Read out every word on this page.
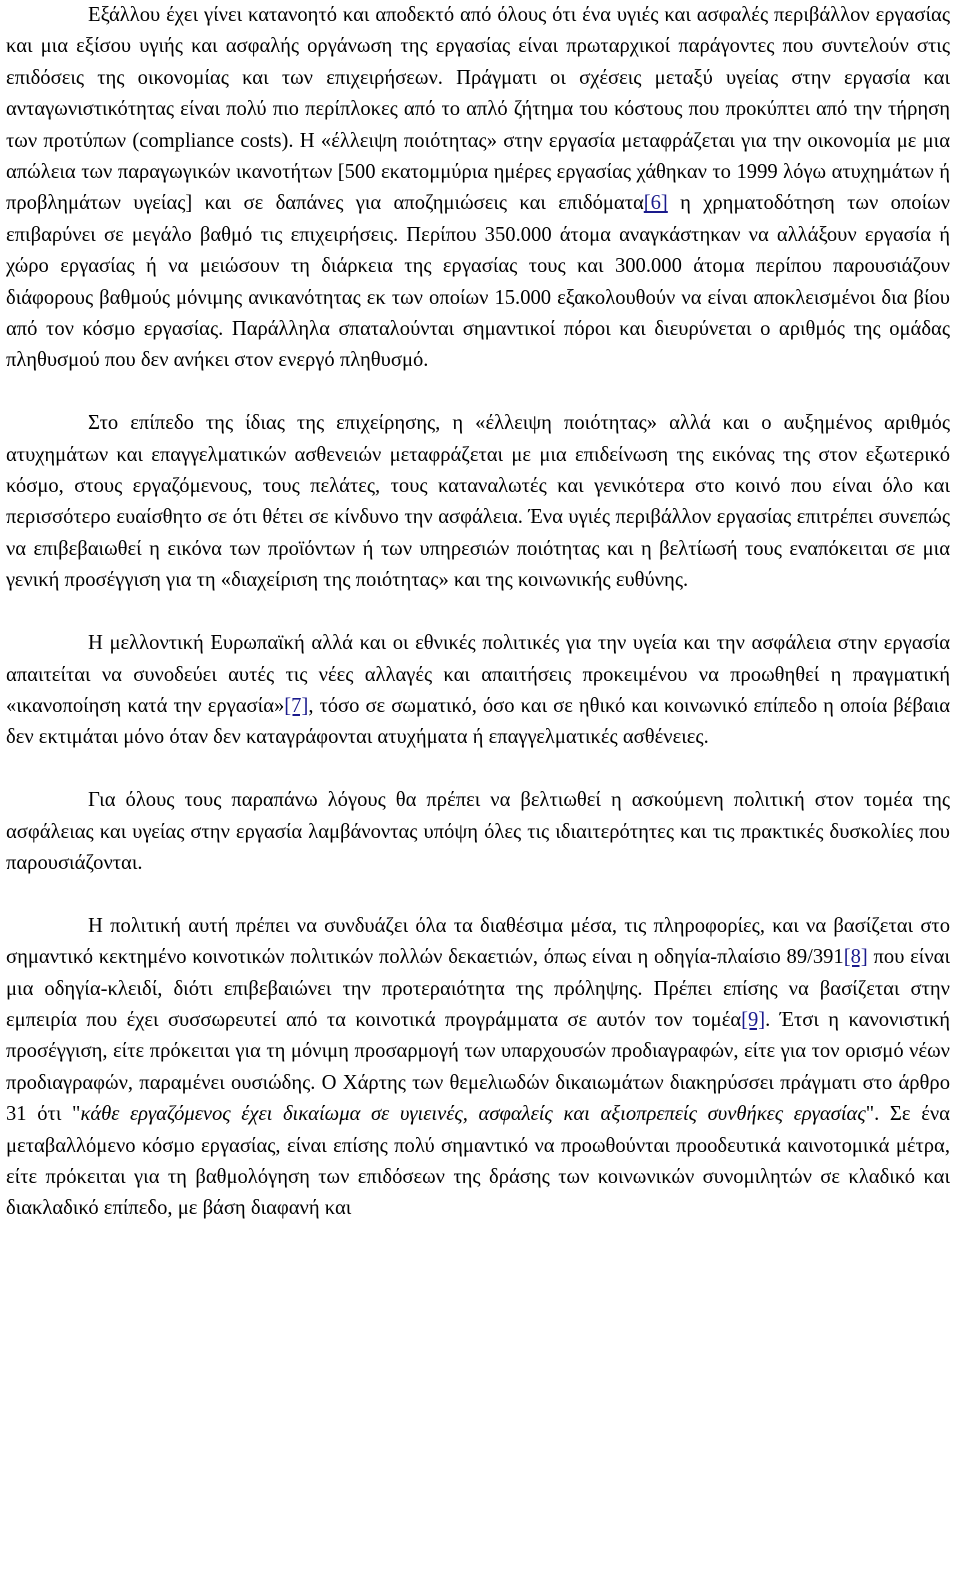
Εξάλλου έχει γίνει κατανοητό και αποδεκτό από όλους ότι ένα υγιές και ασφαλές περιβάλλον εργασίας και μια εξίσου υγιής και ασφαλής οργάνωση της εργασίας είναι πρωταρχικοί παράγοντες που συντελούν στις επιδόσεις της οικονομίας και των επιχειρήσεων. Πράγματι οι σχέσεις μεταξύ υγείας στην εργασία και ανταγωνιστικότητας είναι πολύ πιο περίπλοκες από το απλό ζήτημα του κόστους που προκύπτει από την τήρηση των προτύπων (compliance costs). Η «έλλειψη ποιότητας» στην εργασία μεταφράζεται για την οικονομία με μια απώλεια των παραγωγικών ικανοτήτων [500 εκατομμύρια ημέρες εργασίας χάθηκαν το 1999 λόγω ατυχημάτων ή προβλημάτων υγείας] και σε δαπάνες για αποζημιώσεις και επιδόματα[6] η χρηματοδότηση των οποίων επιβαρύνει σε μεγάλο βαθμό τις επιχειρήσεις. Περίπου 350.000 άτομα αναγκάστηκαν να αλλάξουν εργασία ή χώρο εργασίας ή να μειώσουν τη διάρκεια της εργασίας τους και 300.000 άτομα περίπου παρουσιάζουν διάφορους βαθμούς μόνιμης ανικανότητας εκ των οποίων 15.000 εξακολουθούν να είναι αποκλεισμένοι δια βίου από τον κόσμο εργασίας. Παράλληλα σπαταλούνται σημαντικοί πόροι και διευρύνεται ο αριθμός της ομάδας πληθυσμού που δεν ανήκει στον ενεργό πληθυσμό.

Στο επίπεδο της ίδιας της επιχείρησης, η «έλλειψη ποιότητας» αλλά και ο αυξημένος αριθμός ατυχημάτων και επαγγελματικών ασθενειών μεταφράζεται με μια επιδείνωση της εικόνας της στον εξωτερικό κόσμο, στους εργαζόμενους, τους πελάτες, τους καταναλωτές και γενικότερα στο κοινό που είναι όλο και περισσότερο ευαίσθητο σε ότι θέτει σε κίνδυνο την ασφάλεια. Ένα υγιές περιβάλλον εργασίας επιτρέπει συνεπώς να επιβεβαιωθεί η εικόνα των προϊόντων ή των υπηρεσιών ποιότητας και η βελτίωσή τους εναπόκειται σε μια γενική προσέγγιση για τη «διαχείριση της ποιότητας» και της κοινωνικής ευθύνης.

Η μελλοντική Ευρωπαϊκή αλλά και οι εθνικές πολιτικές για την υγεία και την ασφάλεια στην εργασία απαιτείται να συνοδεύει αυτές τις νέες αλλαγές και απαιτήσεις προκειμένου να προωθηθεί η πραγματική «ικανοποίηση κατά την εργασία»[7], τόσο σε σωματικό, όσο και σε ηθικό και κοινωνικό επίπεδο η οποία βέβαια δεν εκτιμάται μόνο όταν δεν καταγράφονται ατυχήματα ή επαγγελματικές ασθένειες.

Για όλους τους παραπάνω λόγους θα πρέπει να βελτιωθεί η ασκούμενη πολιτική στον τομέα της ασφάλειας και υγείας στην εργασία λαμβάνοντας υπόψη όλες τις ιδιαιτερότητες και τις πρακτικές δυσκολίες που παρουσιάζονται.

Η πολιτική αυτή πρέπει να συνδυάζει όλα τα διαθέσιμα μέσα, τις πληροφορίες, και να βασίζεται στο σημαντικό κεκτημένο κοινοτικών πολιτικών πολλών δεκαετιών, όπως είναι η οδηγία-πλαίσιο 89/391[8] που είναι μια οδηγία-κλειδί, διότι επιβεβαιώνει την προτεραιότητα της πρόληψης. Πρέπει επίσης να βασίζεται στην εμπειρία που έχει συσσωρευτεί από τα κοινοτικά προγράμματα σε αυτόν τον τομέα[9]. Έτσι η κανονιστική προσέγγιση, είτε πρόκειται για τη μόνιμη προσαρμογή των υπαρχουσών προδιαγραφών, είτε για τον ορισμό νέων προδιαγραφών, παραμένει ουσιώδης. Ο Χάρτης των θεμελιωδών δικαιωμάτων διακηρύσσει πράγματι στο άρθρο 31 ότι "κάθε εργαζόμενος έχει δικαίωμα σε υγιεινές, ασφαλείς και αξιοπρεπείς συνθήκες εργασίας". Σε ένα μεταβαλλόμενο κόσμο εργασίας, είναι επίσης πολύ σημαντικό να προωθούνται προοδευτικά καινοτομικά μέτρα, είτε πρόκειται για τη βαθμολόγηση των επιδόσεων της δράσης των κοινωνικών συνομιλητών σε κλαδικό και διακλαδικό επίπεδο, με βάση διαφανή και
